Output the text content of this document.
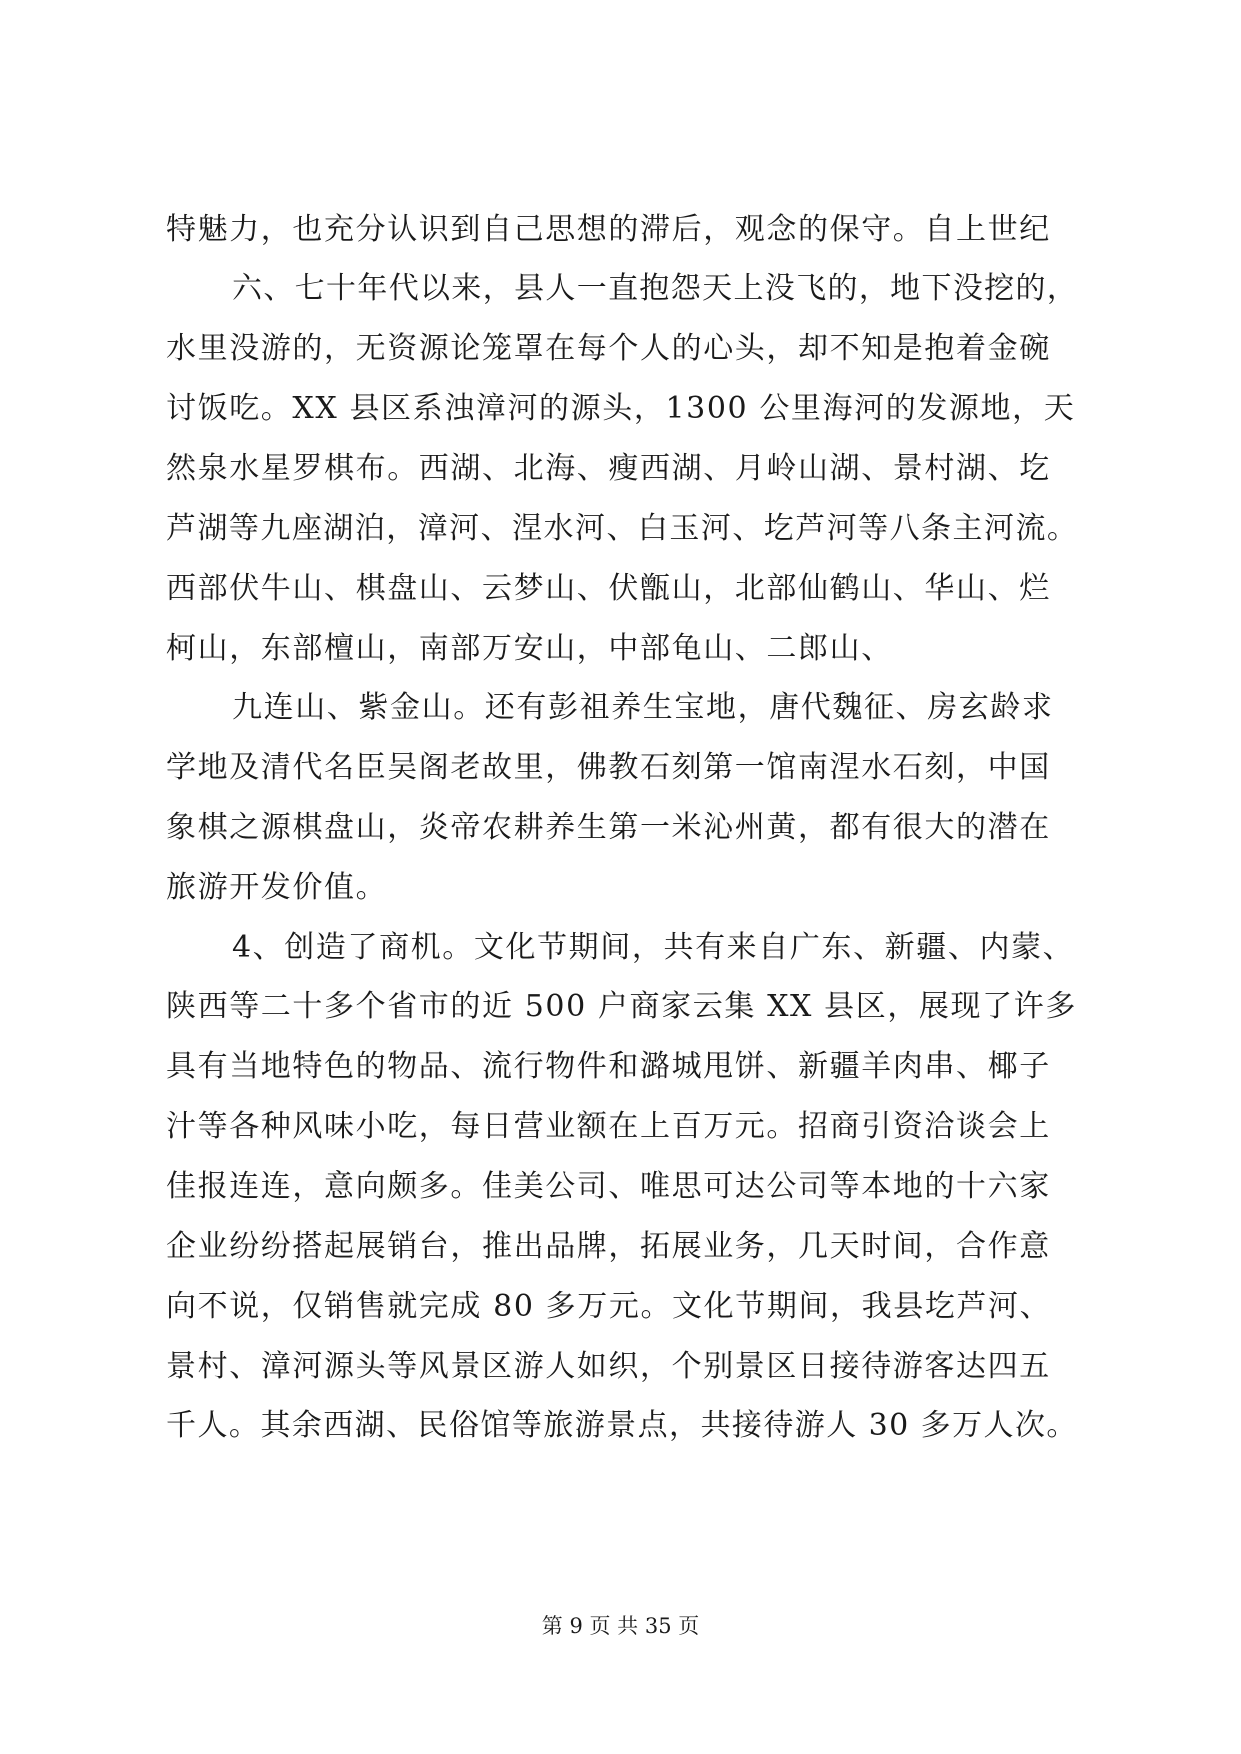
特魅力，也充分认识到自己思想的滞后，观念的保守。自上世纪
六、七十年代以来，县人一直抱怨天上没飞的，地下没挖的，
水里没游的，无资源论笼罩在每个人的心头，却不知是抱着金碗
讨饭吃。XX 县区系浊漳河的源头，1300 公里海河的发源地，天
然泉水星罗棋布。西湖、北海、瘦西湖、月岭山湖、景村湖、圪
芦湖等九座湖泊，漳河、涅水河、白玉河、圪芦河等八条主河流。
西部伏牛山、棋盘山、云梦山、伏甑山，北部仙鹤山、华山、烂
柯山，东部檀山，南部万安山，中部龟山、二郎山、
九连山、紫金山。还有彭祖养生宝地，唐代魏征、房玄龄求
学地及清代名臣吴阁老故里，佛教石刻第一馆南涅水石刻，中国
象棋之源棋盘山，炎帝农耕养生第一米沁州黄，都有很大的潜在
旅游开发价值。
4、创造了商机。文化节期间，共有来自广东、新疆、内蒙、
陕西等二十多个省市的近 500 户商家云集 XX 县区，展现了许多
具有当地特色的物品、流行物件和潞城甩饼、新疆羊肉串、椰子
汁等各种风味小吃，每日营业额在上百万元。招商引资洽谈会上
佳报连连，意向颇多。佳美公司、唯思可达公司等本地的十六家
企业纷纷搭起展销台，推出品牌，拓展业务，几天时间，合作意
向不说，仅销售就完成 80 多万元。文化节期间，我县圪芦河、
景村、漳河源头等风景区游人如织，个别景区日接待游客达四五
千人。其余西湖、民俗馆等旅游景点，共接待游人 30 多万人次。
第 9 页 共 35 页
